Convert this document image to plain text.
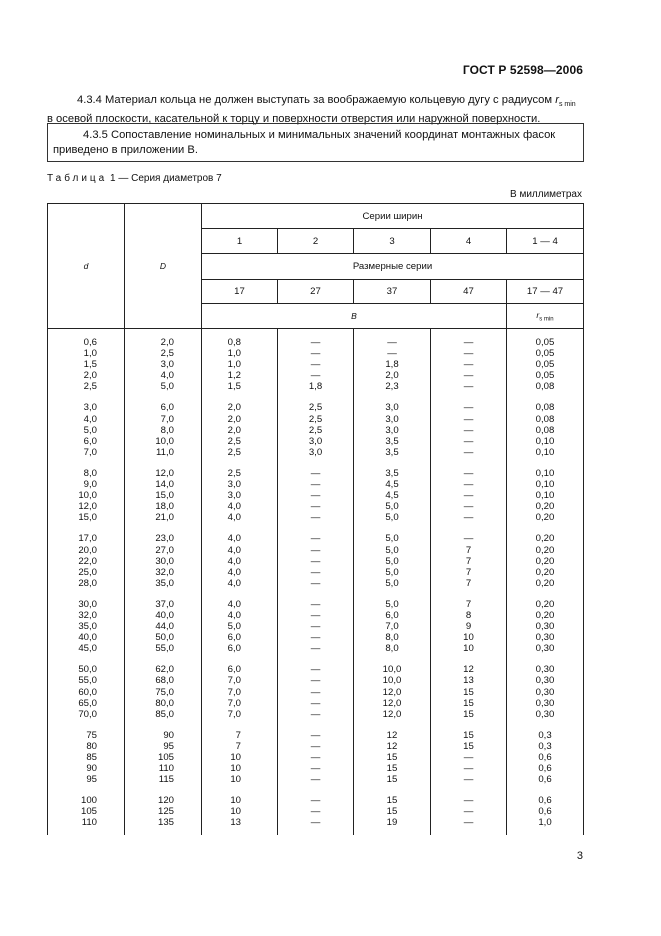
ГОСТ Р 52598—2006
4.3.4 Материал кольца не должен выступать за воображаемую кольцевую дугу с радиусом $r_{s min}$ в осевой плоскости, касательной к торцу и поверхности отверстия или наружной поверхности.
4.3.5 Сопоставление номинальных и минимальных значений координат монтажных фасок приведено в приложении В.
Таблица 1 — Серия диаметров 7
В миллиметрах
d	D	Серии ширин				
		1	2	3	4	1 — 4
		Размерные серии				
		17	27	37	47	17 — 47
		B				$r_{s min}$

0,6	2,0	0,8	—	—	—	0,05
1,0	2,5	1,0	—	—	—	0,05
1,5	3,0	1,0	—	1,8	—	0,05
2,0	4,0	1,2	—	2,0	—	0,05
2,5	5,0	1,5	1,8	2,3	—	0,08

3,0	6,0	2,0	2,5	3,0	—	0,08
4,0	7,0	2,0	2,5	3,0	—	0,08
5,0	8,0	2,0	2,5	3,0	—	0,08
6,0	10,0	2,5	3,0	3,5	—	0,10
7,0	11,0	2,5	3,0	3,5	—	0,10

8,0	12,0	2,5	—	3,5	—	0,10
9,0	14,0	3,0	—	4,5	—	0,10
10,0	15,0	3,0	—	4,5	—	0,10
12,0	18,0	4,0	—	5,0	—	0,20
15,0	21,0	4,0	—	5,0	—	0,20

17,0	23,0	4,0	—	5,0	—	0,20
20,0	27,0	4,0	—	5,0	7	0,20
22,0	30,0	4,0	—	5,0	7	0,20
25,0	32,0	4,0	—	5,0	7	0,20
28,0	35,0	4,0	—	5,0	7	0,20

30,0	37,0	4,0	—	5,0	7	0,20
32,0	40,0	4,0	—	6,0	8	0,20
35,0	44,0	5,0	—	7,0	9	0,30
40,0	50,0	6,0	—	8,0	10	0,30
45,0	55,0	6,0	—	8,0	10	0,30

50,0	62,0	6,0	—	10,0	12	0,30
55,0	68,0	7,0	—	10,0	13	0,30
60,0	75,0	7,0	—	12,0	15	0,30
65,0	80,0	7,0	—	12,0	15	0,30
70,0	85,0	7,0	—	12,0	15	0,30

75	90	7	—	12	15	0,3
80	95	7	—	12	15	0,3
85	105	10	—	15	—	0,6
90	110	10	—	15	—	0,6
95	115	10	—	15	—	0,6

100	120	10	—	15	—	0,6
105	125	10	—	15	—	0,6
110	135	13	—	19	—	1,0

3
